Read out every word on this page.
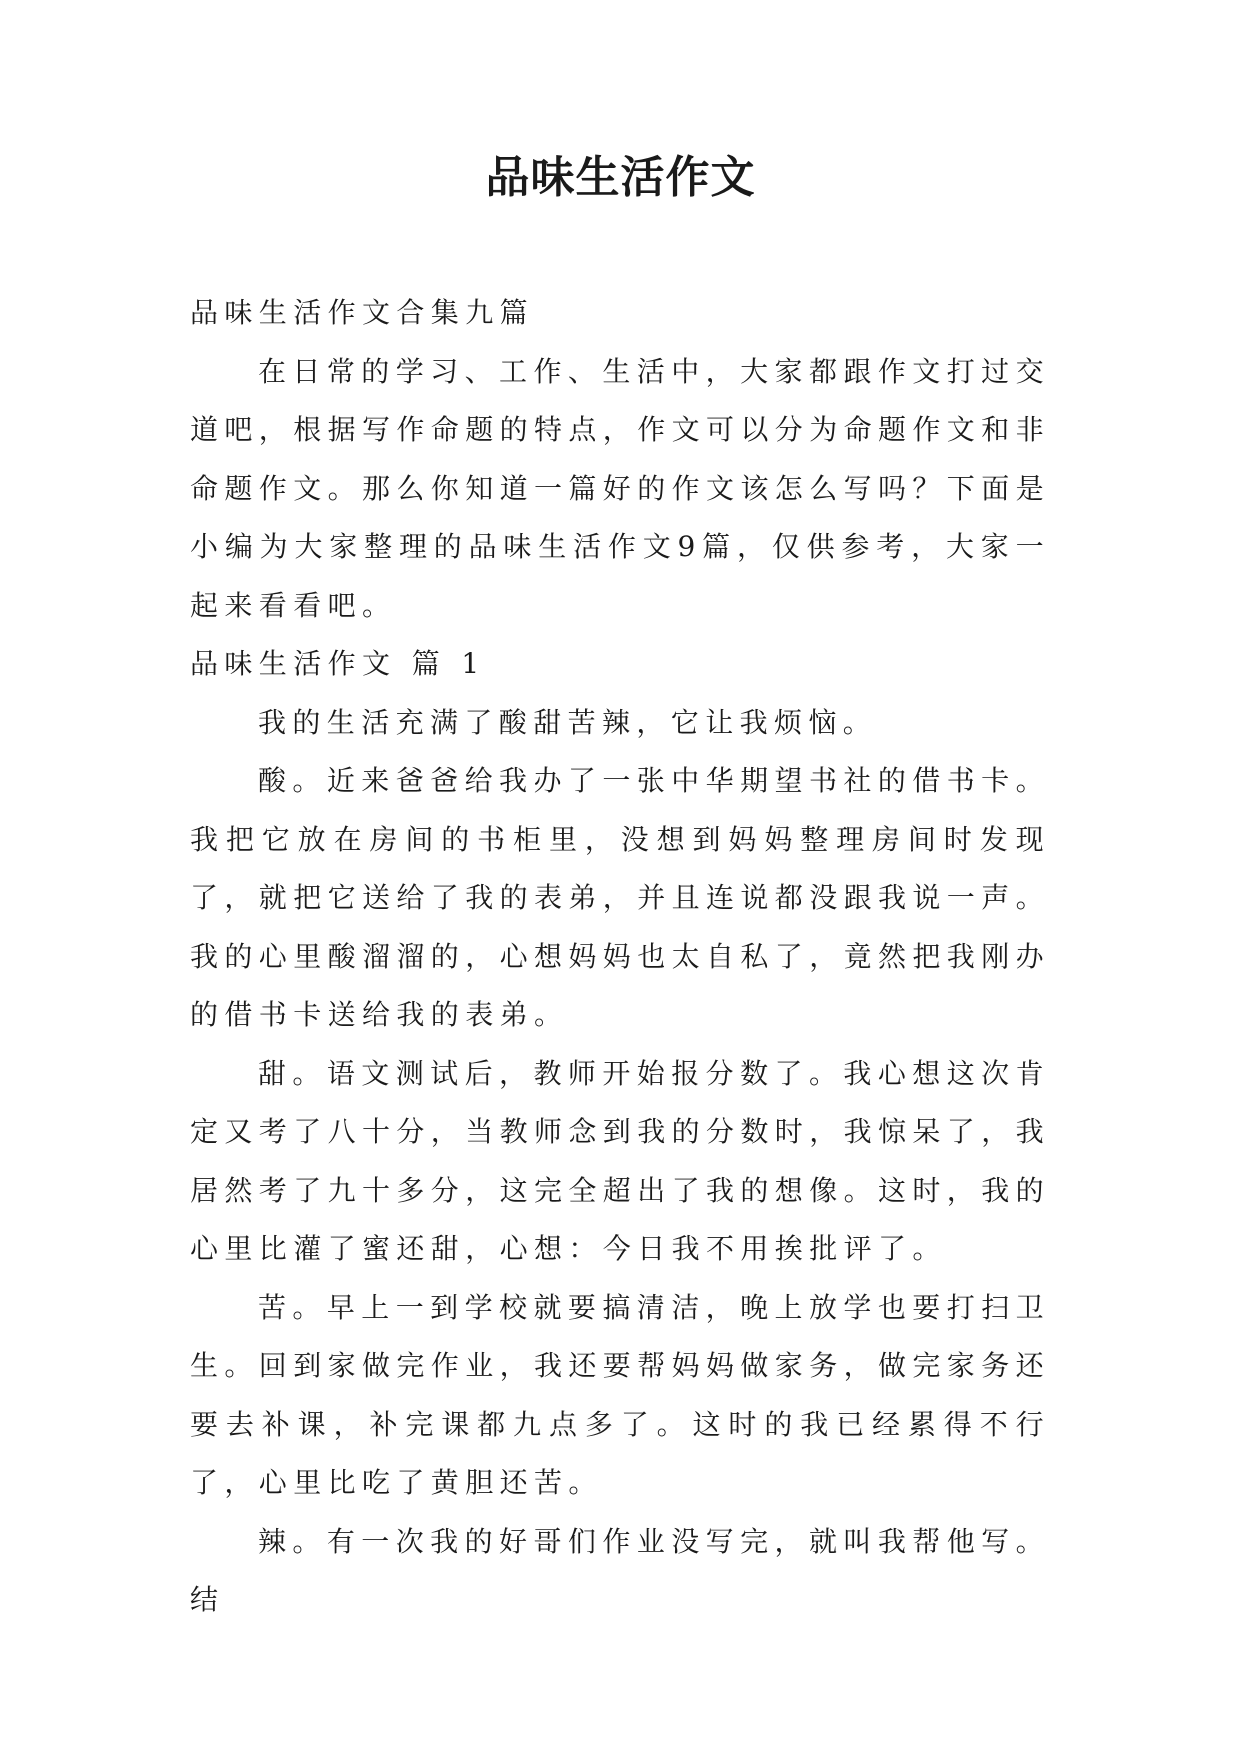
品味生活作文

品味生活作文合集九篇

在日常的学习、工作、生活中，大家都跟作文打过交道吧，根据写作命题的特点，作文可以分为命题作文和非命题作文。那么你知道一篇好的作文该怎么写吗？下面是小编为大家整理的品味生活作文9篇，仅供参考，大家一起来看看吧。

品味生活作文 篇 1

我的生活充满了酸甜苦辣，它让我烦恼。

酸。近来爸爸给我办了一张中华期望书社的借书卡。我把它放在房间的书柜里，没想到妈妈整理房间时发现了，就把它送给了我的表弟，并且连说都没跟我说一声。我的心里酸溜溜的，心想妈妈也太自私了，竟然把我刚办的借书卡送给我的表弟。

甜。语文测试后，教师开始报分数了。我心想这次肯定又考了八十分，当教师念到我的分数时，我惊呆了，我居然考了九十多分，这完全超出了我的想像。这时，我的心里比灌了蜜还甜，心想：今日我不用挨批评了。

苦。早上一到学校就要搞清洁，晚上放学也要打扫卫生。回到家做完作业，我还要帮妈妈做家务，做完家务还要去补课，补完课都九点多了。这时的我已经累得不行了，心里比吃了黄胆还苦。

辣。有一次我的好哥们作业没写完，就叫我帮他写。结
